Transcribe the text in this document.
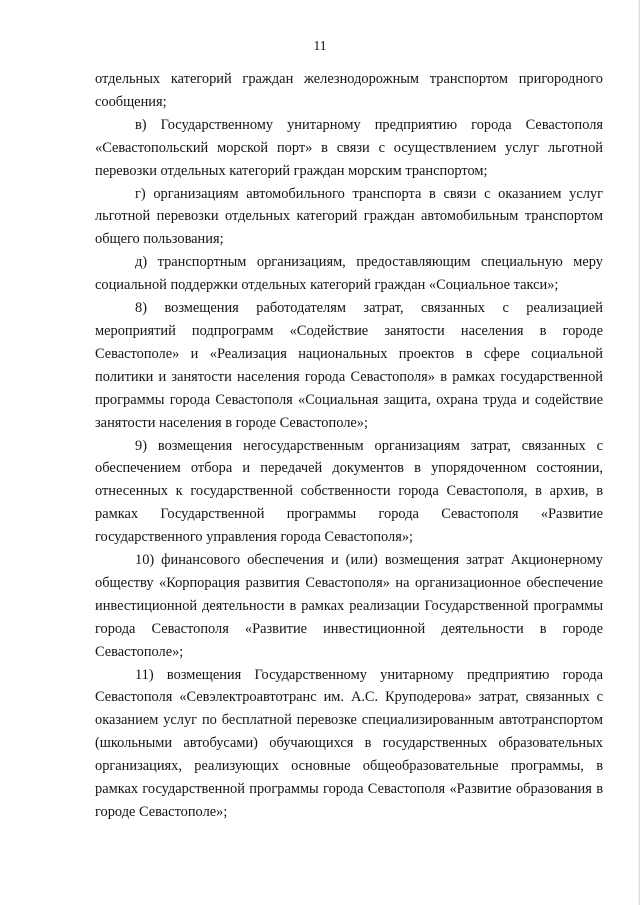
11

отдельных категорий граждан железнодорожным транспортом пригородного сообщения;

в) Государственному унитарному предприятию города Севастополя «Севастопольский морской порт» в связи с осуществлением услуг льготной перевозки отдельных категорий граждан морским транспортом;

г) организациям автомобильного транспорта в связи с оказанием услуг льготной перевозки отдельных категорий граждан автомобильным транспортом общего пользования;

д) транспортным организациям, предоставляющим специальную меру социальной поддержки отдельных категорий граждан «Социальное такси»;

8) возмещения работодателям затрат, связанных с реализацией мероприятий подпрограмм «Содействие занятости населения в городе Севастополе» и «Реализация национальных проектов в сфере социальной политики и занятости населения города Севастополя» в рамках государственной программы города Севастополя «Социальная защита, охрана труда и содействие занятости населения в городе Севастополе»;

9) возмещения негосударственным организациям затрат, связанных с обеспечением отбора и передачей документов в упорядоченном состоянии, отнесенных к государственной собственности города Севастополя, в архив, в рамках Государственной программы города Севастополя «Развитие государственного управления города Севастополя»;

10) финансового обеспечения и (или) возмещения затрат Акционерному обществу «Корпорация развития Севастополя» на организационное обеспечение инвестиционной деятельности в рамках реализации Государственной программы города Севастополя «Развитие инвестиционной деятельности в городе Севастополе»;

11) возмещения Государственному унитарному предприятию города Севастополя «Севэлектроавтотранс им. А.С. Круподерова» затрат, связанных с оказанием услуг по бесплатной перевозке специализированным автотранспортом (школьными автобусами) обучающихся в государственных образовательных организациях, реализующих основные общеобразовательные программы, в рамках государственной программы города Севастополя «Развитие образования в городе Севастополе»;
